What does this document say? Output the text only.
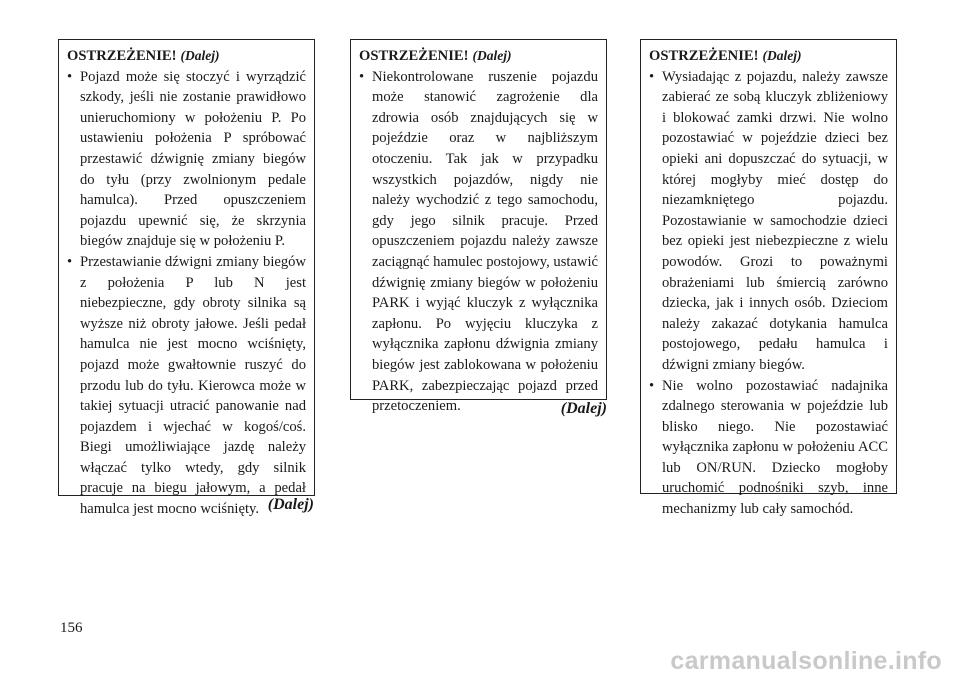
OSTRZEŻENIE! (Dalej)
• Pojazd może się stoczyć i wyrządzić szkody, jeśli nie zostanie prawidłowo unieruchomiony w położeniu P. Po ustawieniu położenia P spróbować przestawić dźwignię zmiany biegów do tyłu (przy zwolnionym pedale hamulca). Przed opuszczeniem pojazdu upewnić się, że skrzynia biegów znajduje się w położeniu P.
• Przestawianie dźwigni zmiany biegów z położenia P lub N jest niebezpieczne, gdy obroty silnika są wyższe niż obroty jałowe. Jeśli pedał hamulca nie jest mocno wciśnięty, pojazd może gwałtownie ruszyć do przodu lub do tyłu. Kierowca może w takiej sytuacji utracić panowanie nad pojazdem i wjechać w kogoś/coś. Biegi umożliwiające jazdę należy włączać tylko wtedy, gdy silnik pracuje na biegu jałowym, a pedał hamulca jest mocno wciśnięty. (Dalej)
OSTRZEŻENIE! (Dalej)
• Niekontrolowane ruszenie pojazdu może stanowić zagrożenie dla zdrowia osób znajdujących się w pojeździe oraz w najbliższym otoczeniu. Tak jak w przypadku wszystkich pojazdów, nigdy nie należy wychodzić z tego samochodu, gdy jego silnik pracuje. Przed opuszczeniem pojazdu należy zawsze zaciągnąć hamulec postojowy, ustawić dźwignię zmiany biegów w położeniu PARK i wyjąć kluczyk z wyłącznika zapłonu. Po wyjęciu kluczyka z wyłącznika zapłonu dźwignia zmiany biegów jest zablokowana w położeniu PARK, zabezpieczając pojazd przed przetoczeniem.	(Dalej)
OSTRZEŻENIE! (Dalej)
• Wysiadając z pojazdu, należy zawsze zabierać ze sobą kluczyk zbliżeniowy i blokować zamki drzwi. Nie wolno pozostawiać w pojeździe dzieci bez opieki ani dopuszczać do sytuacji, w której mogłyby mieć dostęp do niezamkniętego pojazdu. Pozostawianie w samochodzie dzieci bez opieki jest niebezpieczne z wielu powodów. Grozi to poważnymi obrażeniami lub śmiercią zarówno dziecka, jak i innych osób. Dzieciom należy zakazać dotykania hamulca postojowego, pedału hamulca i dźwigni zmiany biegów.
• Nie wolno pozostawiać nadajnika zdalnego sterowania w pojeździe lub blisko niego. Nie pozostawiać wyłącznika zapłonu w położeniu ACC lub ON/RUN. Dziecko mogłoby uruchomić podnośniki szyb, inne mechanizmy lub cały samochód.
156
carmanualsonline.info
